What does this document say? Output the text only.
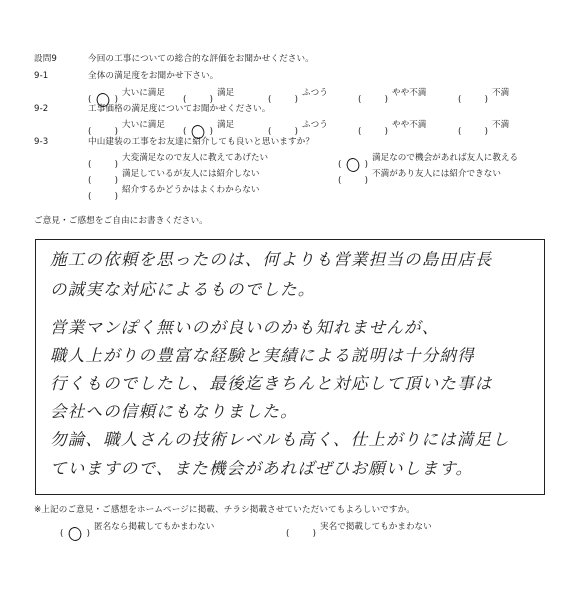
設問9	今回の工事についての総合的な評価をお聞かせください。
9-1	全体の満足度をお聞かせ下さい。
(	)
大いに満足
(	)
満足
(	)
ふつう
(	)
やや不満
(	)
不満
9-2	工事価格の満足度についてお聞かせください。
(	)
大いに満足
(	)
満足
(	)
ふつう
(	)
やや不満
(	)
不満
9-3	中山建装の工事をお友達に紹介しても良いと思いますか？
(	)
大変満足なので友人に教えてあげたい
(	)
満足なので機会があれば友人に教える
(	)
満足しているが友人には紹介しない
(	)
不満があり友人には紹介できない
(	)
紹介するかどうかはよくわからない
ご意見・ご感想をご自由にお書きください。
施工の依頼を思ったのは、何よりも営業担当の島田店長
の誠実な対応によるものでした。
営業マンぽく無いのが良いのかも知れませんが、
職人上がりの豊富な経験と実績による説明は十分納得
行くものでしたし、最後迄きちんと対応して頂いた事は
会社への信頼にもなりました。
勿論、職人さんの技術レベルも高く、仕上がりには満足し
ていますので、また機会があればぜひお願いします。
※上記のご意見・ご感想をホームページに掲載、チラシ掲載させていただいてもよろしいですか。
(	)
匿名なら掲載してもかまわない
(	)
実名で掲載してもかまわない
